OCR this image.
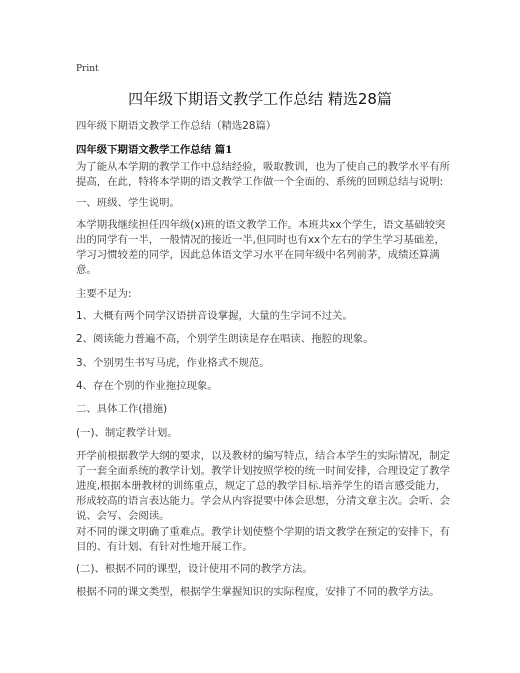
Print
四年级下期语文教学工作总结 精选28篇

四年级下期语文教学工作总结（精选28篇）

四年级下期语文教学工作总结 篇1

为了能从本学期的教学工作中总结经验，吸取教训，也为了使自己的教学水平有所提高，在此，特将本学期的语文教学工作做一个全面的、系统的回顾总结与说明:

一、班级、学生说明。

本学期我继续担任四年级(x)班的语文教学工作。本班共xx个学生，语文基础较突出的同学有一半，一般情况的接近一半,但同时也有xx个左右的学生学习基础差，学习习惯较差的同学，因此总体语文学习水平在同年级中名列前茅，成绩还算满意。

主要不足为:

1、大概有两个同学汉语拼音设掌握，大量的生字词不过关。

2、阅读能力普遍不高，个别学生朗读是存在唱读、拖腔的现象。

3、个别男生书写马虎，作业格式不规范。

4、存在个别的作业拖拉现象。

二、具体工作(措施)

(一)、制定教学计划。

开学前根据教学大纲的要求，以及教材的编写特点，结合本学生的实际情况，制定了一套全面系统的教学计划。教学计划按照学校的统一时间安排，合理设定了教学进度,根据本册教材的训练重点，规定了总的教学目标.培养学生的语言感受能力，形成较高的语言表达能力。学会从内容提要中体会思想，分清文章主次。会听、会说、会写、会阅读。

对不同的课文明确了重难点。教学计划使整个学期的语文教学在预定的安排下，有目的、有计划、有针对性地开展工作。

(二)、根据不同的课型，设计使用不同的教学方法。

根据不同的课文类型，根据学生掌握知识的实际程度，安排了不同的教学方法。
